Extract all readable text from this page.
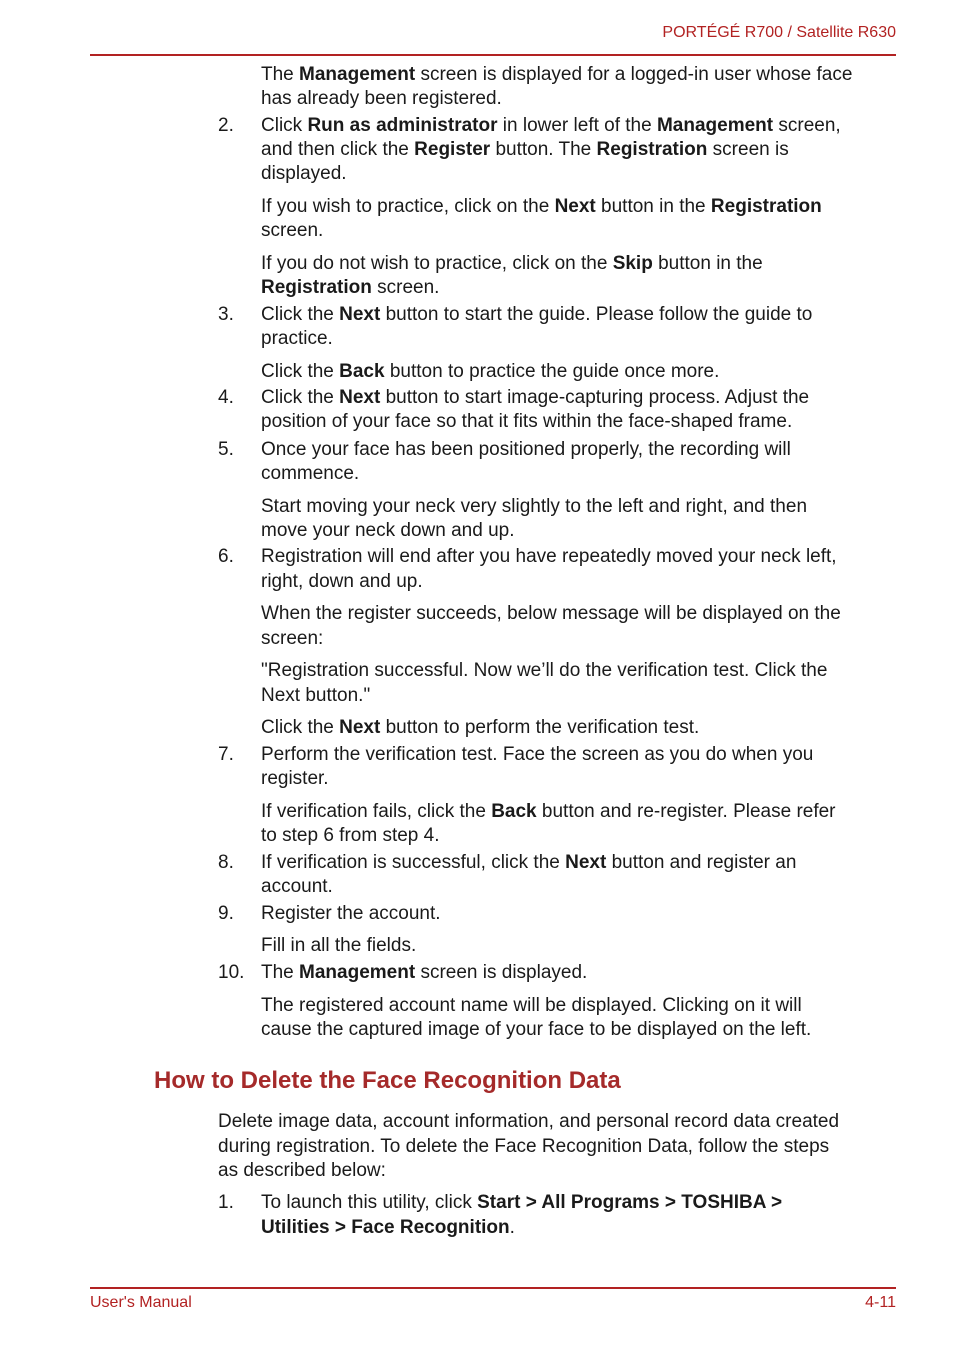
PORTÉGÉ R700 / Satellite R630
The Management screen is displayed for a logged-in user whose face
has already been registered.
2. Click Run as administrator in lower left of the Management screen,
and then click the Register button. The Registration screen is
displayed.
If you wish to practice, click on the Next button in the Registration
screen.
If you do not wish to practice, click on the Skip button in the
Registration screen.
3. Click the Next button to start the guide. Please follow the guide to
practice.
Click the Back button to practice the guide once more.
4. Click the Next button to start image-capturing process. Adjust the
position of your face so that it fits within the face-shaped frame.
5. Once your face has been positioned properly, the recording will
commence.
Start moving your neck very slightly to the left and right, and then
move your neck down and up.
6. Registration will end after you have repeatedly moved your neck left,
right, down and up.
When the register succeeds, below message will be displayed on the
screen:
"Registration successful. Now we’ll do the verification test. Click the
Next button."
Click the Next button to perform the verification test.
7. Perform the verification test. Face the screen as you do when you
register.
If verification fails, click the Back button and re-register. Please refer
to step 6 from step 4.
8. If verification is successful, click the Next button and register an
account.
9. Register the account.
Fill in all the fields.
10. The Management screen is displayed.
The registered account name will be displayed. Clicking on it will
cause the captured image of your face to be displayed on the left.
Delete image data, account information, and personal record data created
during registration. To delete the Face Recognition Data, follow the steps
as described below:
1. To launch this utility, click Start > All Programs > TOSHIBA >
Utilities > Face Recognition.
How to Delete the Face Recognition Data
User's Manual	4-11
